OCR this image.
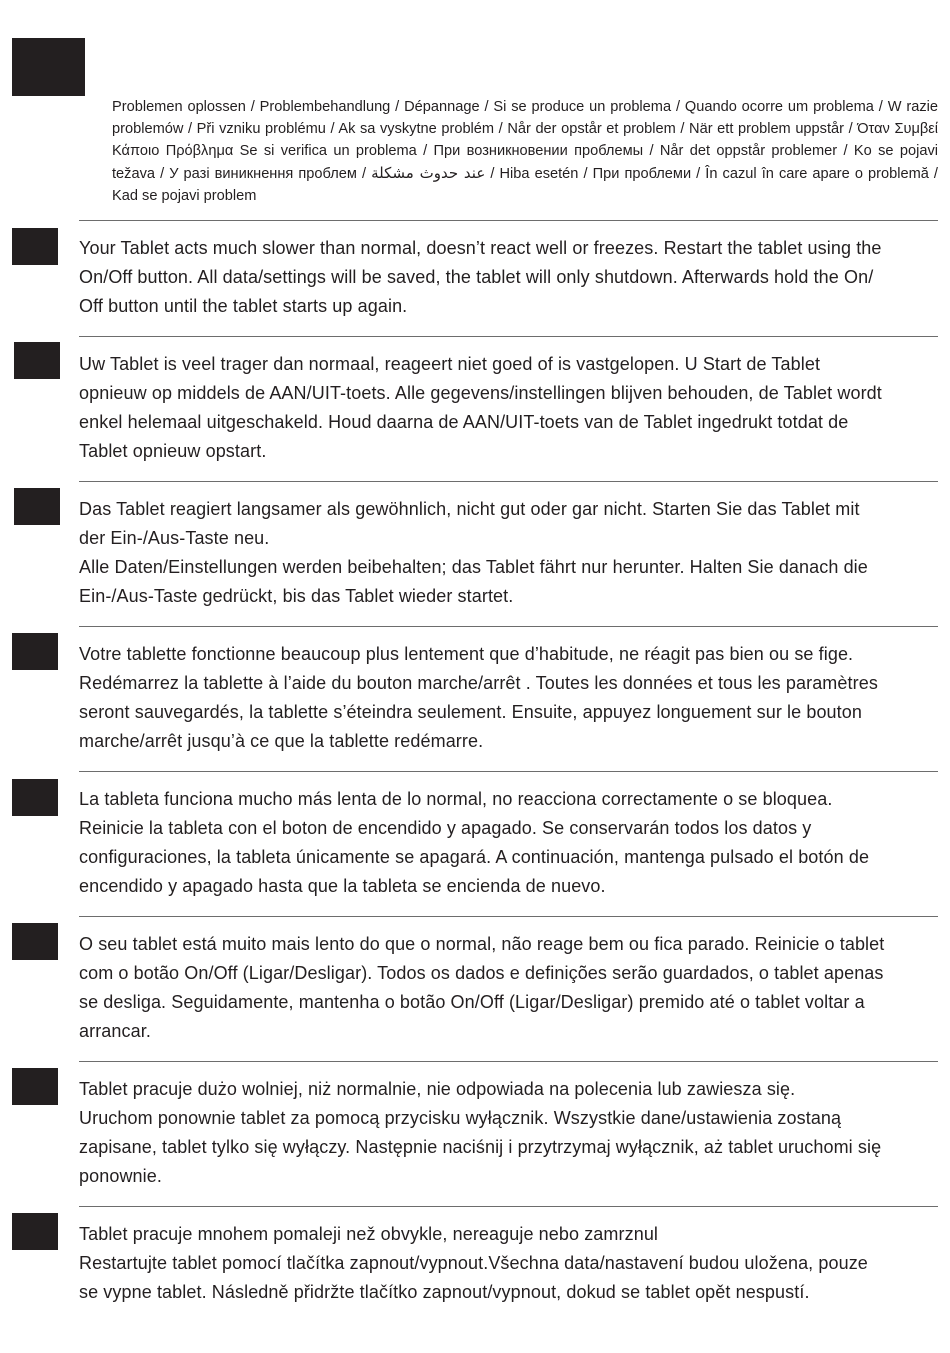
Problemen oplossen / Problembehandlung / Dépannage / Si se produce un problema / Quando ocorre um problema / W razie problemów / Při vzniku problému / Ak sa vyskytne problém / Når der opstår et problem / När ett problem uppstår / Όταν Συμβεί Κάποιο Πρόβλημα Se si verifica un problema / При возникновении проблемы / Når det oppstår problemer / Ko se pojavi težava / У разі виникнення проблем / عند حدوث مشكلة / Hiba esetén / При проблеми / În cazul în care apare o problemă / Kad se pojavi problem

Your Tablet acts much slower than normal, doesn’t react well or freezes. Restart the tablet using the
On/Off button. All data/settings will be saved, the tablet will only shutdown. Afterwards hold the On/
Off button until the tablet starts up again.

Uw Tablet is veel trager dan normaal, reageert niet goed of is vastgelopen. U Start de Tablet
opnieuw op middels de AAN/UIT-toets. Alle gegevens/instellingen blijven behouden, de Tablet wordt
enkel helemaal uitgeschakeld. Houd daarna de AAN/UIT-toets van de Tablet ingedrukt totdat de
Tablet opnieuw opstart.

Das Tablet reagiert langsamer als gewöhnlich, nicht gut oder gar nicht. Starten Sie das Tablet mit
der Ein-/Aus-Taste neu.
Alle Daten/Einstellungen werden beibehalten; das Tablet fährt nur herunter. Halten Sie danach die
Ein-/Aus-Taste gedrückt, bis das Tablet wieder startet.

Votre tablette fonctionne beaucoup plus lentement que d’habitude, ne réagit pas bien ou se fige.
Redémarrez la tablette à l’aide du bouton marche/arrêt . Toutes les données et tous les paramètres
seront sauvegardés, la tablette s’éteindra seulement. Ensuite, appuyez longuement sur le bouton
marche/arrêt jusqu’à ce que la tablette redémarre.

La tableta funciona mucho más lenta de lo normal, no reacciona correctamente o se bloquea.
Reinicie la tableta con el boton de encendido y apagado. Se conservarán todos los datos y
configuraciones, la tableta únicamente se apagará. A continuación, mantenga pulsado el botón de
encendido y apagado hasta que la tableta se encienda de nuevo.

O seu tablet está muito mais lento do que o normal, não reage bem ou fica parado. Reinicie o tablet
com o botão On/Off (Ligar/Desligar). Todos os dados e definições serão guardados, o tablet apenas
se desliga. Seguidamente, mantenha o botão On/Off (Ligar/Desligar) premido até o tablet voltar a
arrancar.

Tablet pracuje dużo wolniej, niż normalnie, nie odpowiada na polecenia lub zawiesza się.
Uruchom ponownie tablet za pomocą przycisku wyłącznik. Wszystkie dane/ustawienia zostaną
zapisane, tablet tylko się wyłączy. Następnie naciśnij i przytrzymaj wyłącznik, aż tablet uruchomi się
ponownie.

Tablet pracuje mnohem pomaleji než obvykle, nereaguje nebo zamrznul
Restartujte tablet pomocí tlačítka zapnout/vypnout.Všechna data/nastavení budou uložena, pouze
se vypne tablet. Následně přidržte tlačítko zapnout/vypnout, dokud se tablet opět nespustí.
